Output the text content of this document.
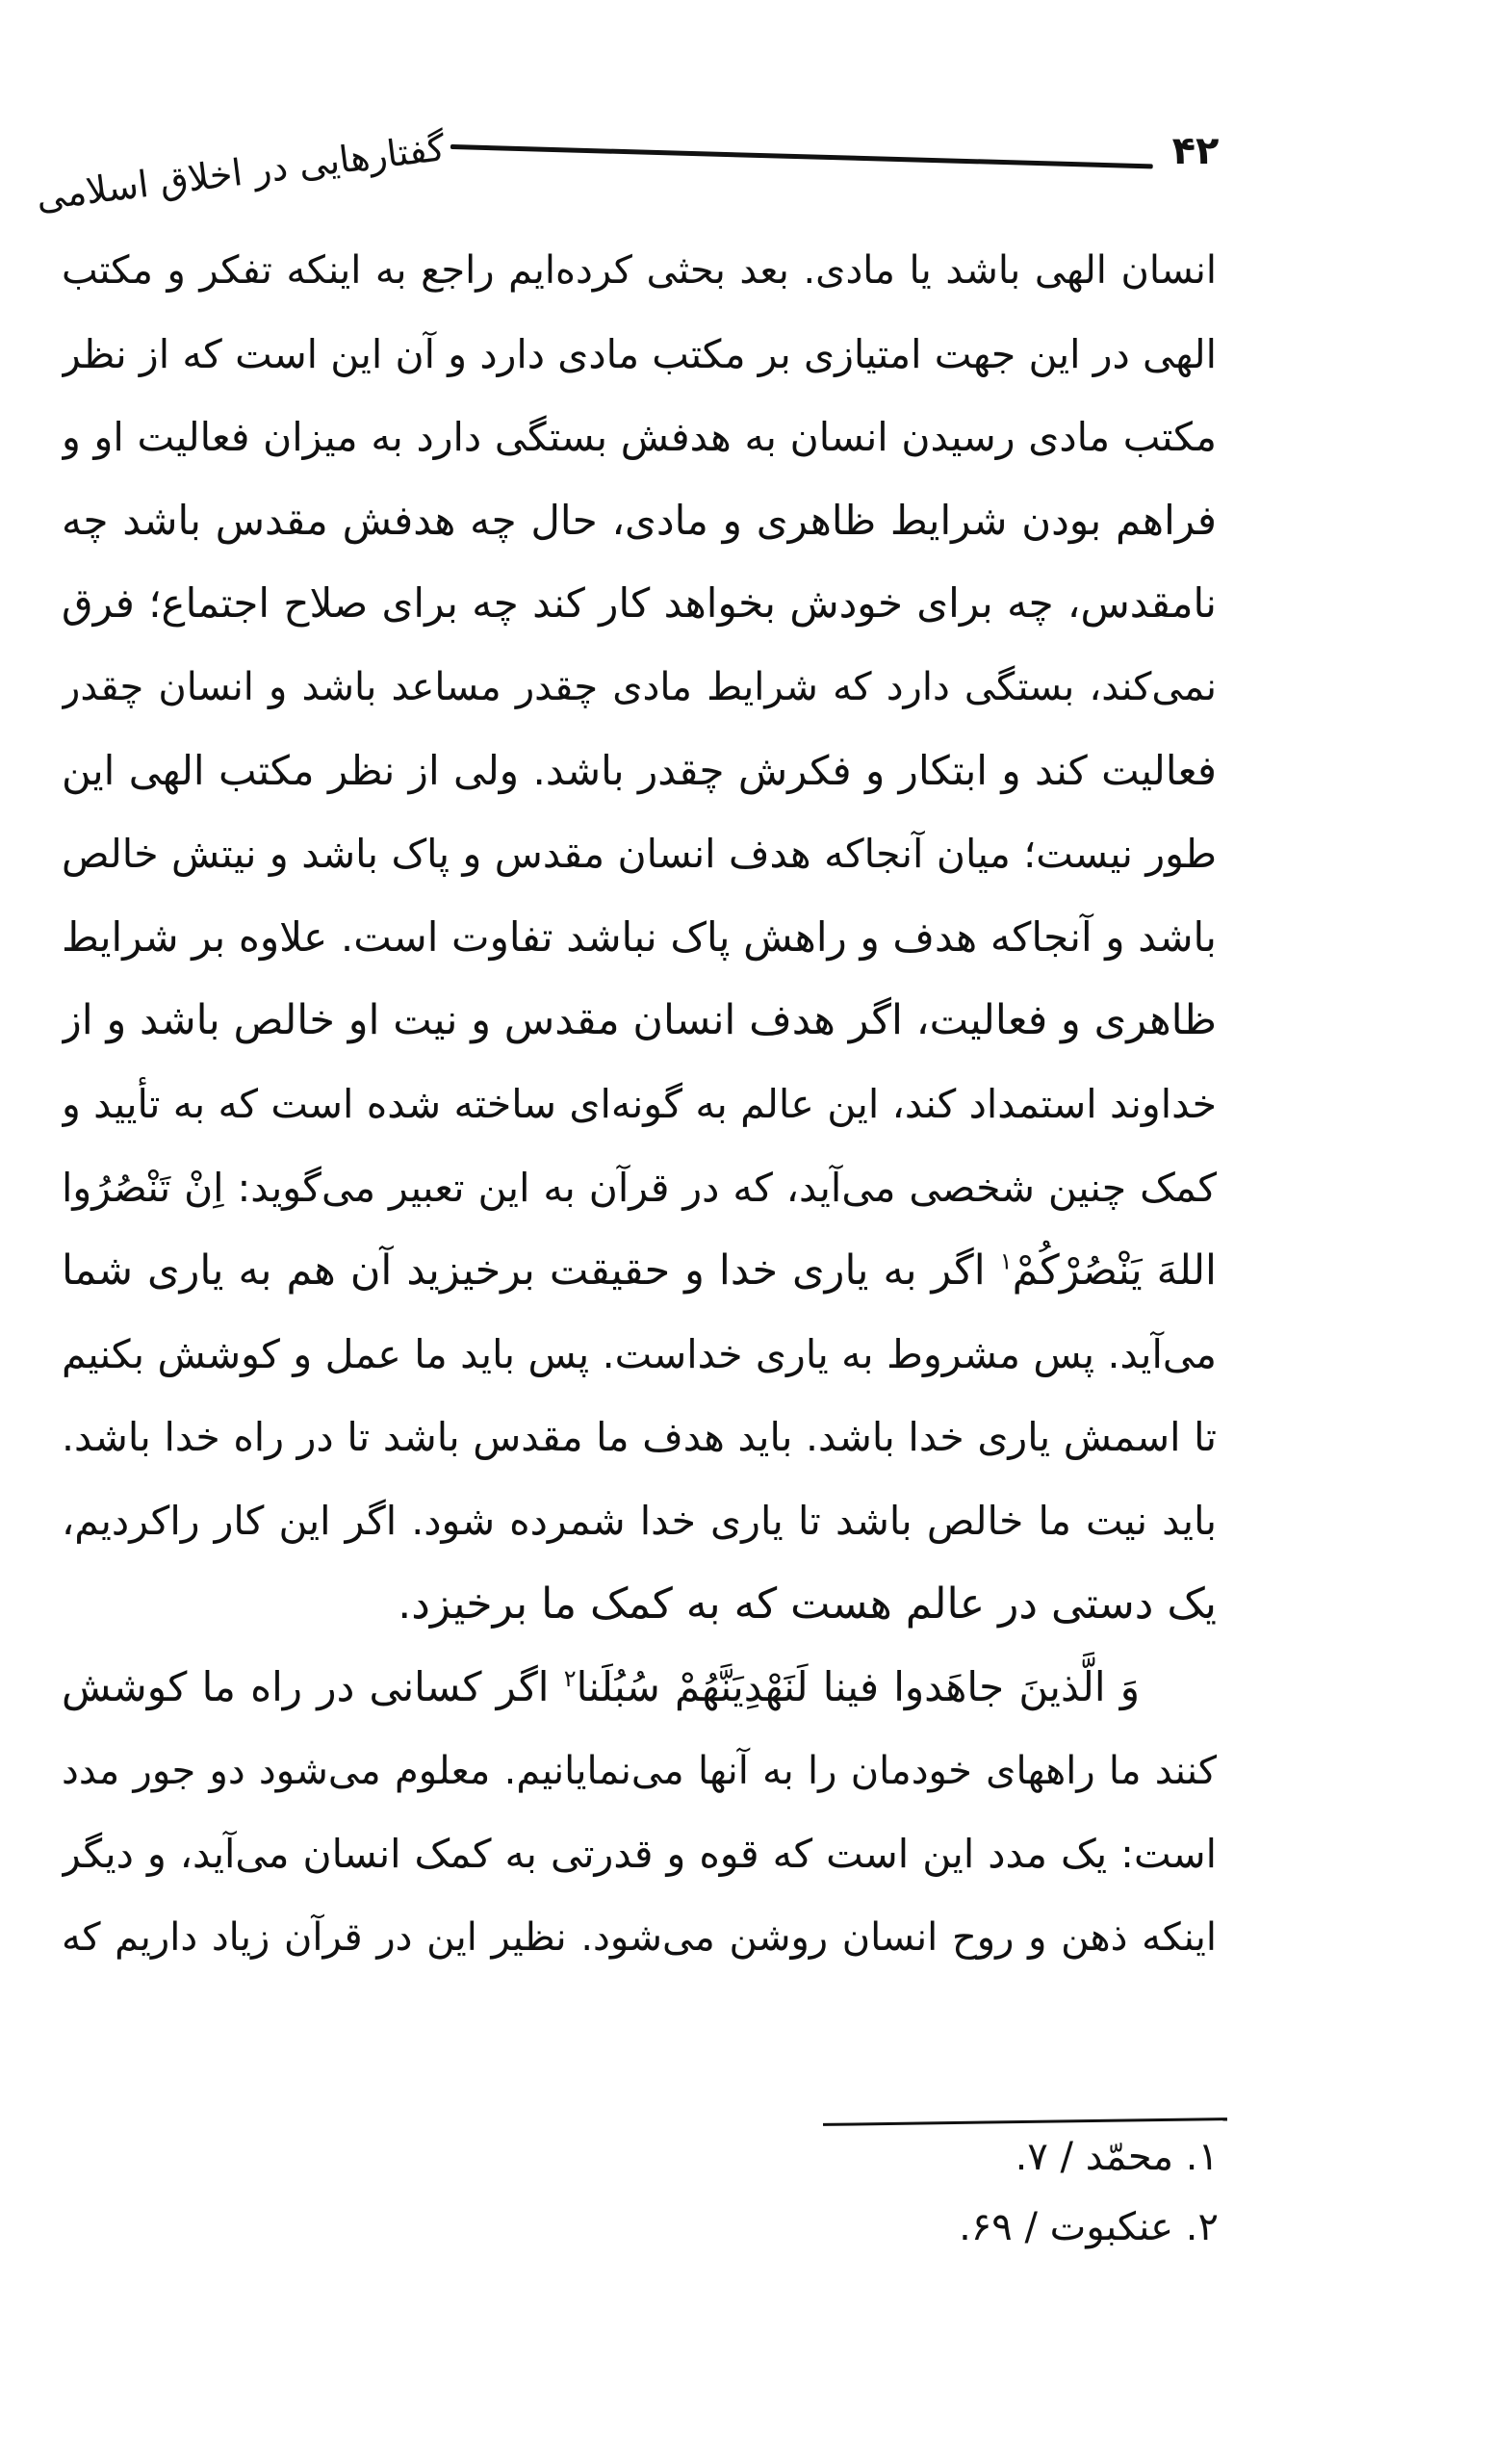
گفتارهایی در اخلاق اسلامی	۴۲
انسان الهی باشد یا مادی. بعد بحثی کرده‌ایم راجع به اینکه تفکر و مکتب
الهی در این جهت امتیازی بر مکتب مادی دارد و آن این است که از نظر
مکتب مادی رسیدن انسان به هدفش بستگی دارد به میزان فعالیت او و
فراهم بودن شرایط ظاهری و مادی، حال چه هدفش مقدس باشد چه
نامقدس، چه برای خودش بخواهد کار کند چه برای صلاح اجتماع؛ فرق
نمی‌کند، بستگی دارد که شرایط مادی چقدر مساعد باشد و انسان چقدر
فعالیت کند و ابتکار و فکرش چقدر باشد. ولی از نظر مکتب الهی این
طور نیست؛ میان آنجاکه هدف انسان مقدس و پاک باشد و نیتش خالص
باشد و آنجاکه هدف و راهش پاک نباشد تفاوت است. علاوه بر شرایط
ظاهری و فعالیت، اگر هدف انسان مقدس و نیت او خالص باشد و از
خداوند استمداد کند، این عالم به گونه‌ای ساخته شده است که به تأیید و
کمک چنین شخصی می‌آید، که در قرآن به این تعبیر می‌گوید: اِنْ تَنْصُرُوا
اللهَ یَنْصُرْکُمْ$^۱$ اگر به یاری خدا و حقیقت برخیزید آن هم به یاری شما
می‌آید. پس مشروط به یاری خداست. پس باید ما عمل و کوشش بکنیم
تا اسمش یاری خدا باشد. باید هدف ما مقدس باشد تا در راه خدا باشد.
باید نیت ما خالص باشد تا یاری خدا شمرده شود. اگر این کار راکردیم،
یک دستی در عالم هست که به کمک ما برخیزد.
وَ الَّذینَ جاهَدوا فینا لَنَهْدِیَنَّهُمْ سُبُلَنا$^۲$ اگر کسانی در راه ما کوشش
کنند ما راههای خودمان را به آنها می‌نمایانیم. معلوم می‌شود دو جور مدد
است: یک مدد این است که قوه و قدرتی به کمک انسان می‌آید، و دیگر
اینکه ذهن و روح انسان روشن می‌شود. نظیر این در قرآن زیاد داریم که
۱. محمّد / ۷.
۲. عنکبوت / ۶۹.
